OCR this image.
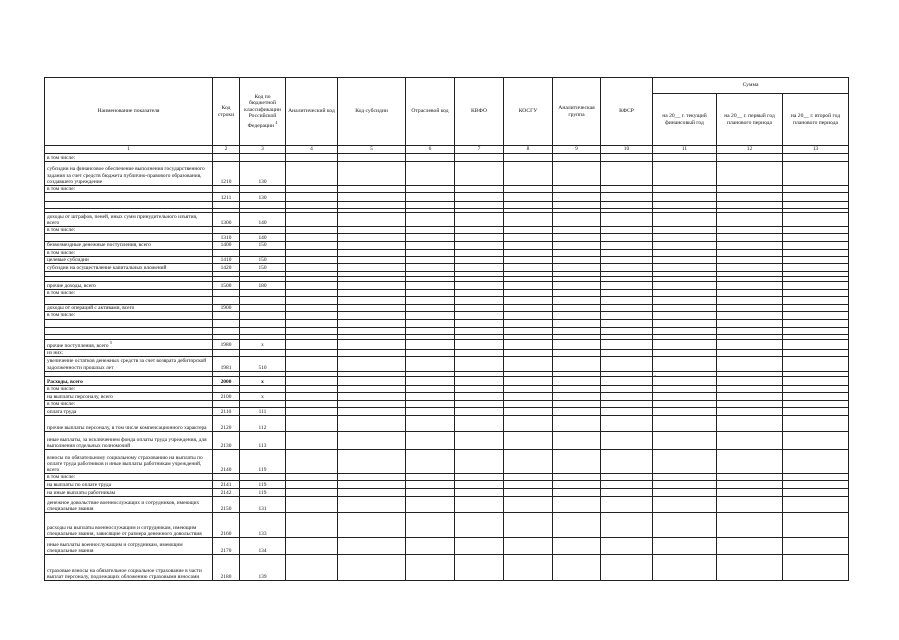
Наименование показателя	Код строки	Код по бюджетной классификации Российской Федерации $^4$	Аналитический код	Код субсидии	Отраслевой код	КВФО	КОСГУ	Аналитическая группа	КФСР	Сумма		
										на 20__ г. текущий финансовый год	на 20__ г. первый год планового периода	на 20__ г. второй год планового периода
1	2	3	4	5	6	7	8	9	10	11	12	13
в том числе:												
субсидии на финансовое обеспечение выполнения государственного задания за счет средств бюджета публично-правового образования, создавшего учреждение	1210	130										
в том числе:												
	1211	130										

доходы от штрафов, пеней, иных сумм принудительного изъятия, всего	1300	140										
в том числе:												
	1310	140										
безвозмездные денежные поступления, всего	1400	150										
в том числе:												
целевые субсидии	1410	150										
субсидии на осуществление капитальных вложений	1420	150										

прочие доходы, всего	1500	180										
в том числе:												

доходы от операций с активами, всего	1900											
в том числе:												

прочие поступления, всего $^5$	1980	x										
из них:												
увеличение остатков денежных средств за счет возврата дебиторской задолженности прошлых лет	1981	510										

Расходы, всего	2000	x										
в том числе:												
на выплаты персоналу, всего	2100	x										
в том числе:												
оплата труда	2110	111										
прочие выплаты персоналу, в том числе компенсационного характера	2120	112										
иные выплаты, за исключением фонда оплаты труда учреждения, для выполнения отдельных полномочий	2130	113										
взносы по обязательному социальному страхованию на выплаты по оплате труда работников и иные выплаты работникам учреждений, всего	2140	119										
в том числе:												
на выплаты по оплате труда	2141	119										
на иные выплаты работникам	2142	119										
денежное довольствие военнослужащих и сотрудников, имеющих специальные звания	2150	131										
расходы на выплаты военнослужащим и сотрудникам, имеющим специальные звания, зависящие от размера денежного довольствия	2160	133										
иные выплаты военнослужащим и сотрудникам, имеющим специальные звания	2170	134										
страховые взносы на обязательное социальное страхование в части выплат персоналу, подлежащих обложению страховыми взносами	2180	139										
·
